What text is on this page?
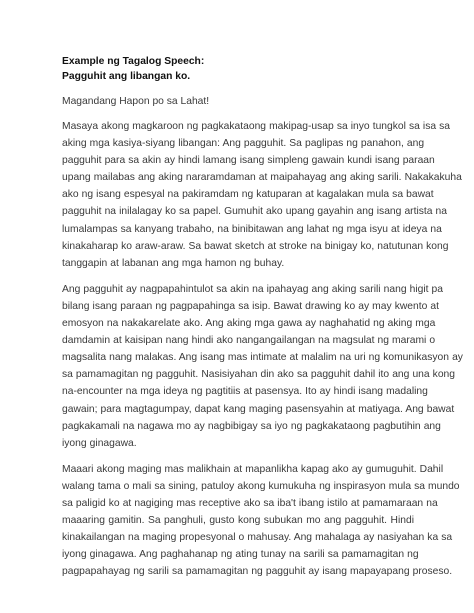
Example ng Tagalog Speech:
Pagguhit ang libangan ko.
Magandang Hapon po sa Lahat!
Masaya akong magkaroon ng pagkakataong makipag-usap sa inyo tungkol sa isa sa
aking mga kasiya-siyang libangan: Ang pagguhit. Sa paglipas ng panahon, ang
pagguhit para sa akin ay hindi lamang isang simpleng gawain kundi isang paraan
upang mailabas ang aking nararamdaman at maipahayag ang aking sarili. Nakakakuha
ako ng isang espesyal na pakiramdam ng katuparan at kagalakan mula sa bawat
pagguhit na inilalagay ko sa papel. Gumuhit ako upang gayahin ang isang artista na
lumalampas sa kanyang trabaho, na binibitawan ang lahat ng mga isyu at ideya na
kinakaharap ko araw-araw. Sa bawat sketch at stroke na binigay ko, natutunan kong
tanggapin at labanan ang mga hamon ng buhay.
Ang pagguhit ay nagpapahintulot sa akin na ipahayag ang aking sarili nang higit pa
bilang isang paraan ng pagpapahinga sa isip. Bawat drawing ko ay may kwento at
emosyon na nakakarelate ako. Ang aking mga gawa ay naghahatid ng aking mga
damdamin at kaisipan nang hindi ako nangangailangan na magsulat ng marami o
magsalita nang malakas. Ang isang mas intimate at malalim na uri ng komunikasyon ay
sa pamamagitan ng pagguhit. Nasisiyahan din ako sa pagguhit dahil ito ang una kong
na-encounter na mga ideya ng pagtitiis at pasensya. Ito ay hindi isang madaling
gawain; para magtagumpay, dapat kang maging pasensyahin at matiyaga. Ang bawat
pagkakamali na nagawa mo ay nagbibigay sa iyo ng pagkakataong pagbutihin ang
iyong ginagawa.
Maaari akong maging mas malikhain at mapanlikha kapag ako ay gumuguhit. Dahil
walang tama o mali sa sining, patuloy akong kumukuha ng inspirasyon mula sa mundo
sa paligid ko at nagiging mas receptive ako sa iba't ibang istilo at pamamaraan na
maaaring gamitin. Sa panghuli, gusto kong subukan mo ang pagguhit. Hindi
kinakailangan na maging propesyonal o mahusay. Ang mahalaga ay nasiyahan ka sa
iyong ginagawa. Ang paghahanap ng ating tunay na sarili sa pamamagitan ng
pagpapahayag ng sarili sa pamamagitan ng pagguhit ay isang mapayapang proseso.
